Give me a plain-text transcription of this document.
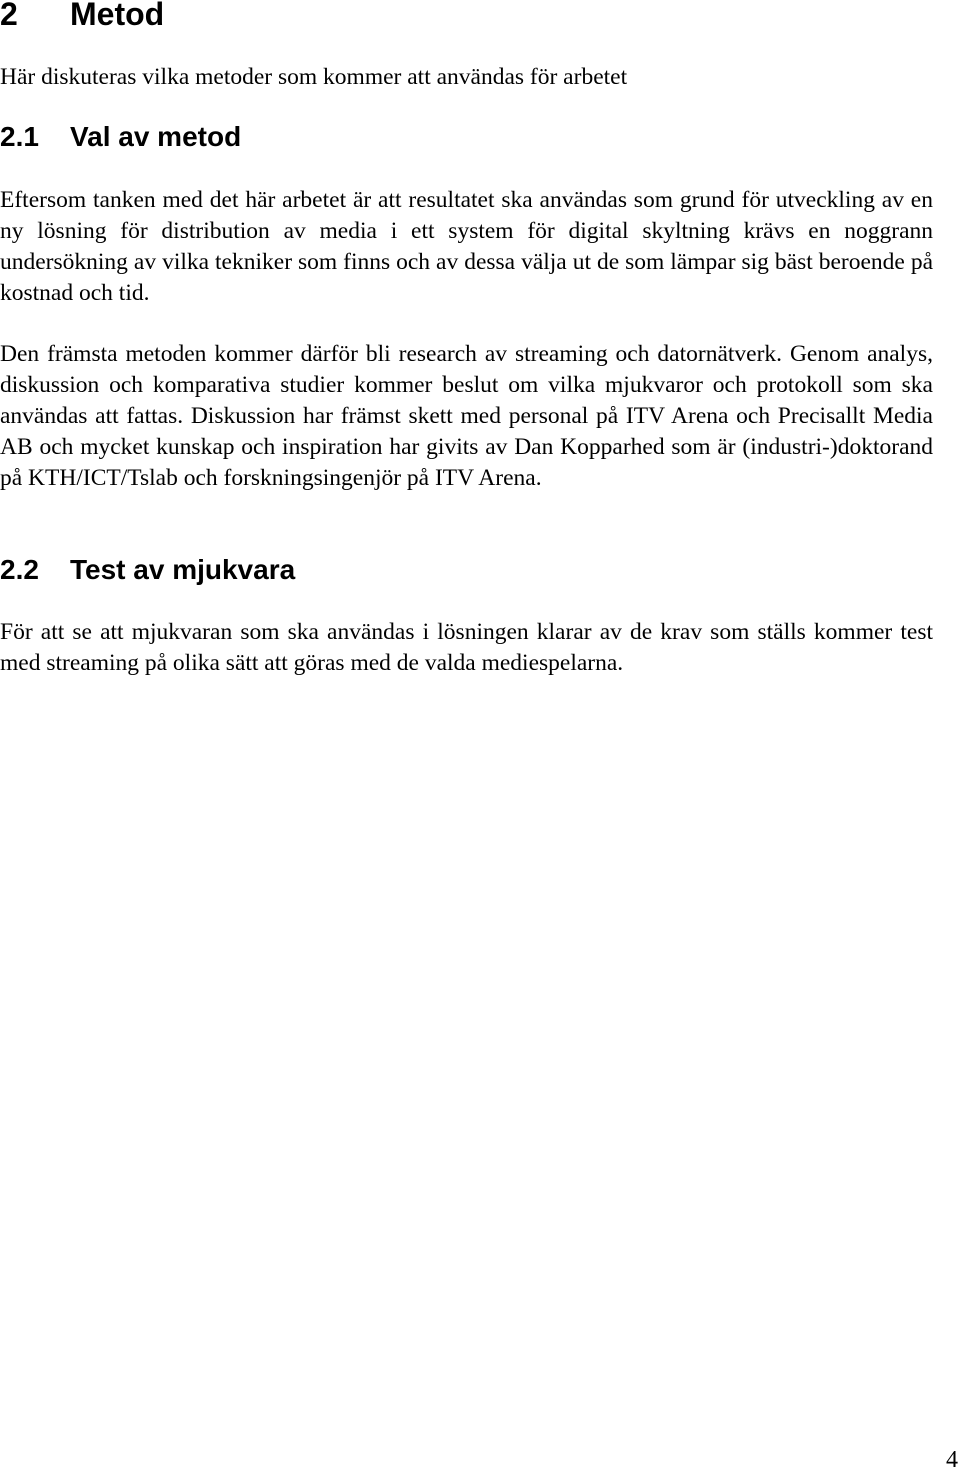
2 Metod

Här diskuteras vilka metoder som kommer att användas för arbetet

2.1 Val av metod

Eftersom tanken med det här arbetet är att resultatet ska användas som grund för utveckling av en ny lösning för distribution av media i ett system för digital skyltning krävs en noggrann undersökning av vilka tekniker som finns och av dessa välja ut de som lämpar sig bäst beroende på kostnad och tid.

Den främsta metoden kommer därför bli research av streaming och datornätverk. Genom analys, diskussion och komparativa studier kommer beslut om vilka mjukvaror och protokoll som ska användas att fattas. Diskussion har främst skett med personal på ITV Arena och Precisallt Media AB och mycket kunskap och inspiration har givits av Dan Kopparhed som är (industri-)doktorand på KTH/ICT/Tslab och forskningsingenjör på ITV Arena.

2.2 Test av mjukvara

För att se att mjukvaran som ska användas i lösningen klarar av de krav som ställs kommer test med streaming på olika sätt att göras med de valda mediespelarna.

4
